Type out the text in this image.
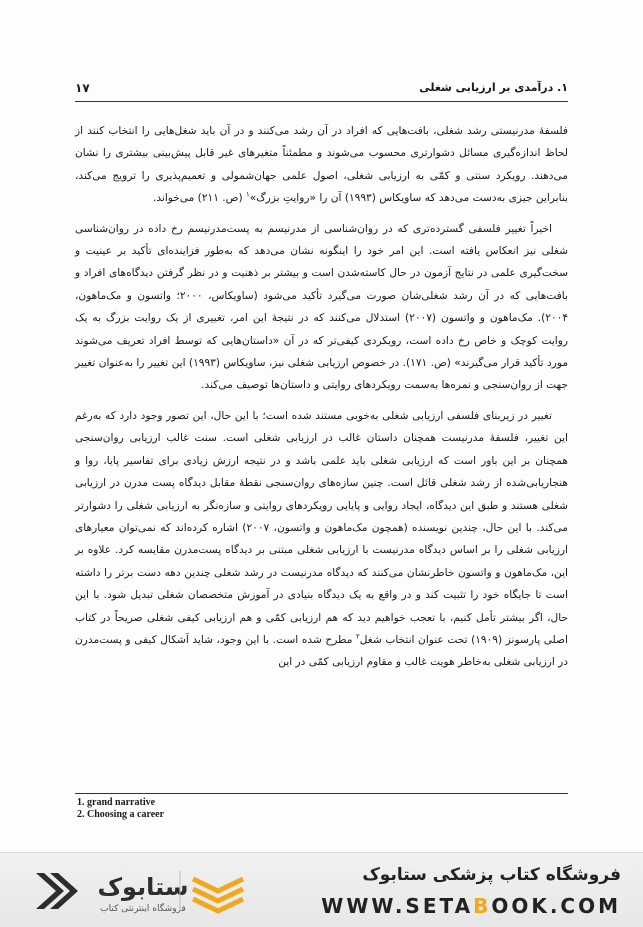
۱. درآمدی بر ارزیابی شغلی
۱۷

فلسفهٔ مدرنیستی رشد شغلی، بافت‌هایی که افراد در آن رشد می‌کنند و در آن باید شغل‌هایی را انتخاب کنند از لحاظ اندازه‌گیری مسائل دشوارتری محسوب می‌شوند و مطمئناً متغیرهای غیر قابل پیش‌بینی بیشتری را نشان می‌دهند. رویکرد سنتی و کمّی به ارزیابی شغلی، اصول علمی جهان‌شمولی و تعمیم‌پذیری را ترویج می‌کند، بنابراین جیزی به‌دست می‌دهد که ساویکاس (۱۹۹۳) آن را «روایتِ بزرگ»$^۱$ (ص. ۲۱۱) می‌خواند.

اخیراً تغییر فلسفی گسترده‌تری که در روان‌شناسی از مدرنیسم به پست‌مدرنیسم رخ داده در روان‌شناسی شغلی نیز انعکاس یافته است. این امر خود را اینگونه نشان می‌دهد که به‌طور فزاینده‌ای تأکید بر عینیت و سخت‌گیری علمی در نتایج آزمون در حال کاسته‌شدن است و بیشتر بر ذهنیت و در نظر گرفتن دیدگاه‌های افراد و بافت‌هایی که در آن رشد شغلی‌شان صورت می‌گیرد تأکید می‌شود (ساویکاس، ۲۰۰۰؛ واتسون و مک‌ماهون، ۲۰۰۴). مک‌ماهون و واتسون (۲۰۰۷) استدلال می‌کنند که در نتیجهٔ این امر، تغییری از یک روایت بزرگ به یک روایت کوچک و خاص رخ داده است، رویکردی کیفی‌تر که در آن «داستان‌هایی که توسط افراد تعریف می‌شوند مورد تأکید قرار می‌گیرند» (ص. ۱۷۱). در خصوص ارزیابی شغلی نیز، ساویکاس (۱۹۹۳) این تغییر را به‌عنوان تغییر جهت از روان‌سنجی و نمره‌ها به‌سمت رویکردهای روایتی و داستان‌ها توصیف می‌کند.

تغییر در زیربنای فلسفی ارزیابی شغلی به‌خوبی مستند شده است؛ با این حال، این تصور وجود دارد که به‌رغم این تغییر، فلسفهٔ مدرنیست همچنان داستان غالب در ارزیابی شغلی است. سنت غالب ارزیابی روان‌سنجی همچنان بر این باور است که ارزیابی شغلی باید علمی باشد و در نتیجه ارزش زیادی برای تفاسیر پایا، روا و هنجاریابی‌شده از رشد شغلی قائل است. چنین سازه‌های روان‌سنجی نقطهٔ مقابل دیدگاه پست مدرن در ارزیابی شغلی هستند و طبق این دیدگاه، ایجاد روایی و پایایی رویکردهای روایتی و سازه‌نگر به ارزیابی شغلی را دشوارتر می‌کند. با این حال، چندین نویسنده (همچون مک‌ماهون و واتسون، ۲۰۰۷) اشاره کرده‌اند که نمی‌توان معیارهای ارزیابی شغلی را بر اساس دیدگاه مدرنیست با ارزیابی شغلی مبتنی بر دیدگاه پست‌مدرن مقایسه کرد. علاوه بر این، مک‌ماهون و واتسون خاطرنشان می‌کنند که دیدگاه مدرنیست در رشد شغلی چندین دهه دست برتر را داشته است تا جایگاه خود را تثبیت کند و در واقع به یک دیدگاه بنیادی در آموزش متخصصان شغلی تبدیل شود. با این حال، اگر بیشتر تأمل کنیم، با تعجب خواهیم دید که هم ارزیابی کمّی و هم ارزیابی کیفی شغلی صریحاً در کتاب اصلی پارسونز (۱۹۰۹) تحت عنوان انتخاب شغل$^۲$ مطرح شده است. با این وجود، شاید اَشکال کیفی و پست‌مدرن در ارزیابی شغلی به‌خاطر هویت غالب و مقاوم ارزیابی کمّی در این

1. grand narrative
2. Choosing a career
ستابوک
فروشگاه اینترنتی کتاب
فروشگاه کتاب پزشکی ستابوک
WWW.SETABOOK.COM
